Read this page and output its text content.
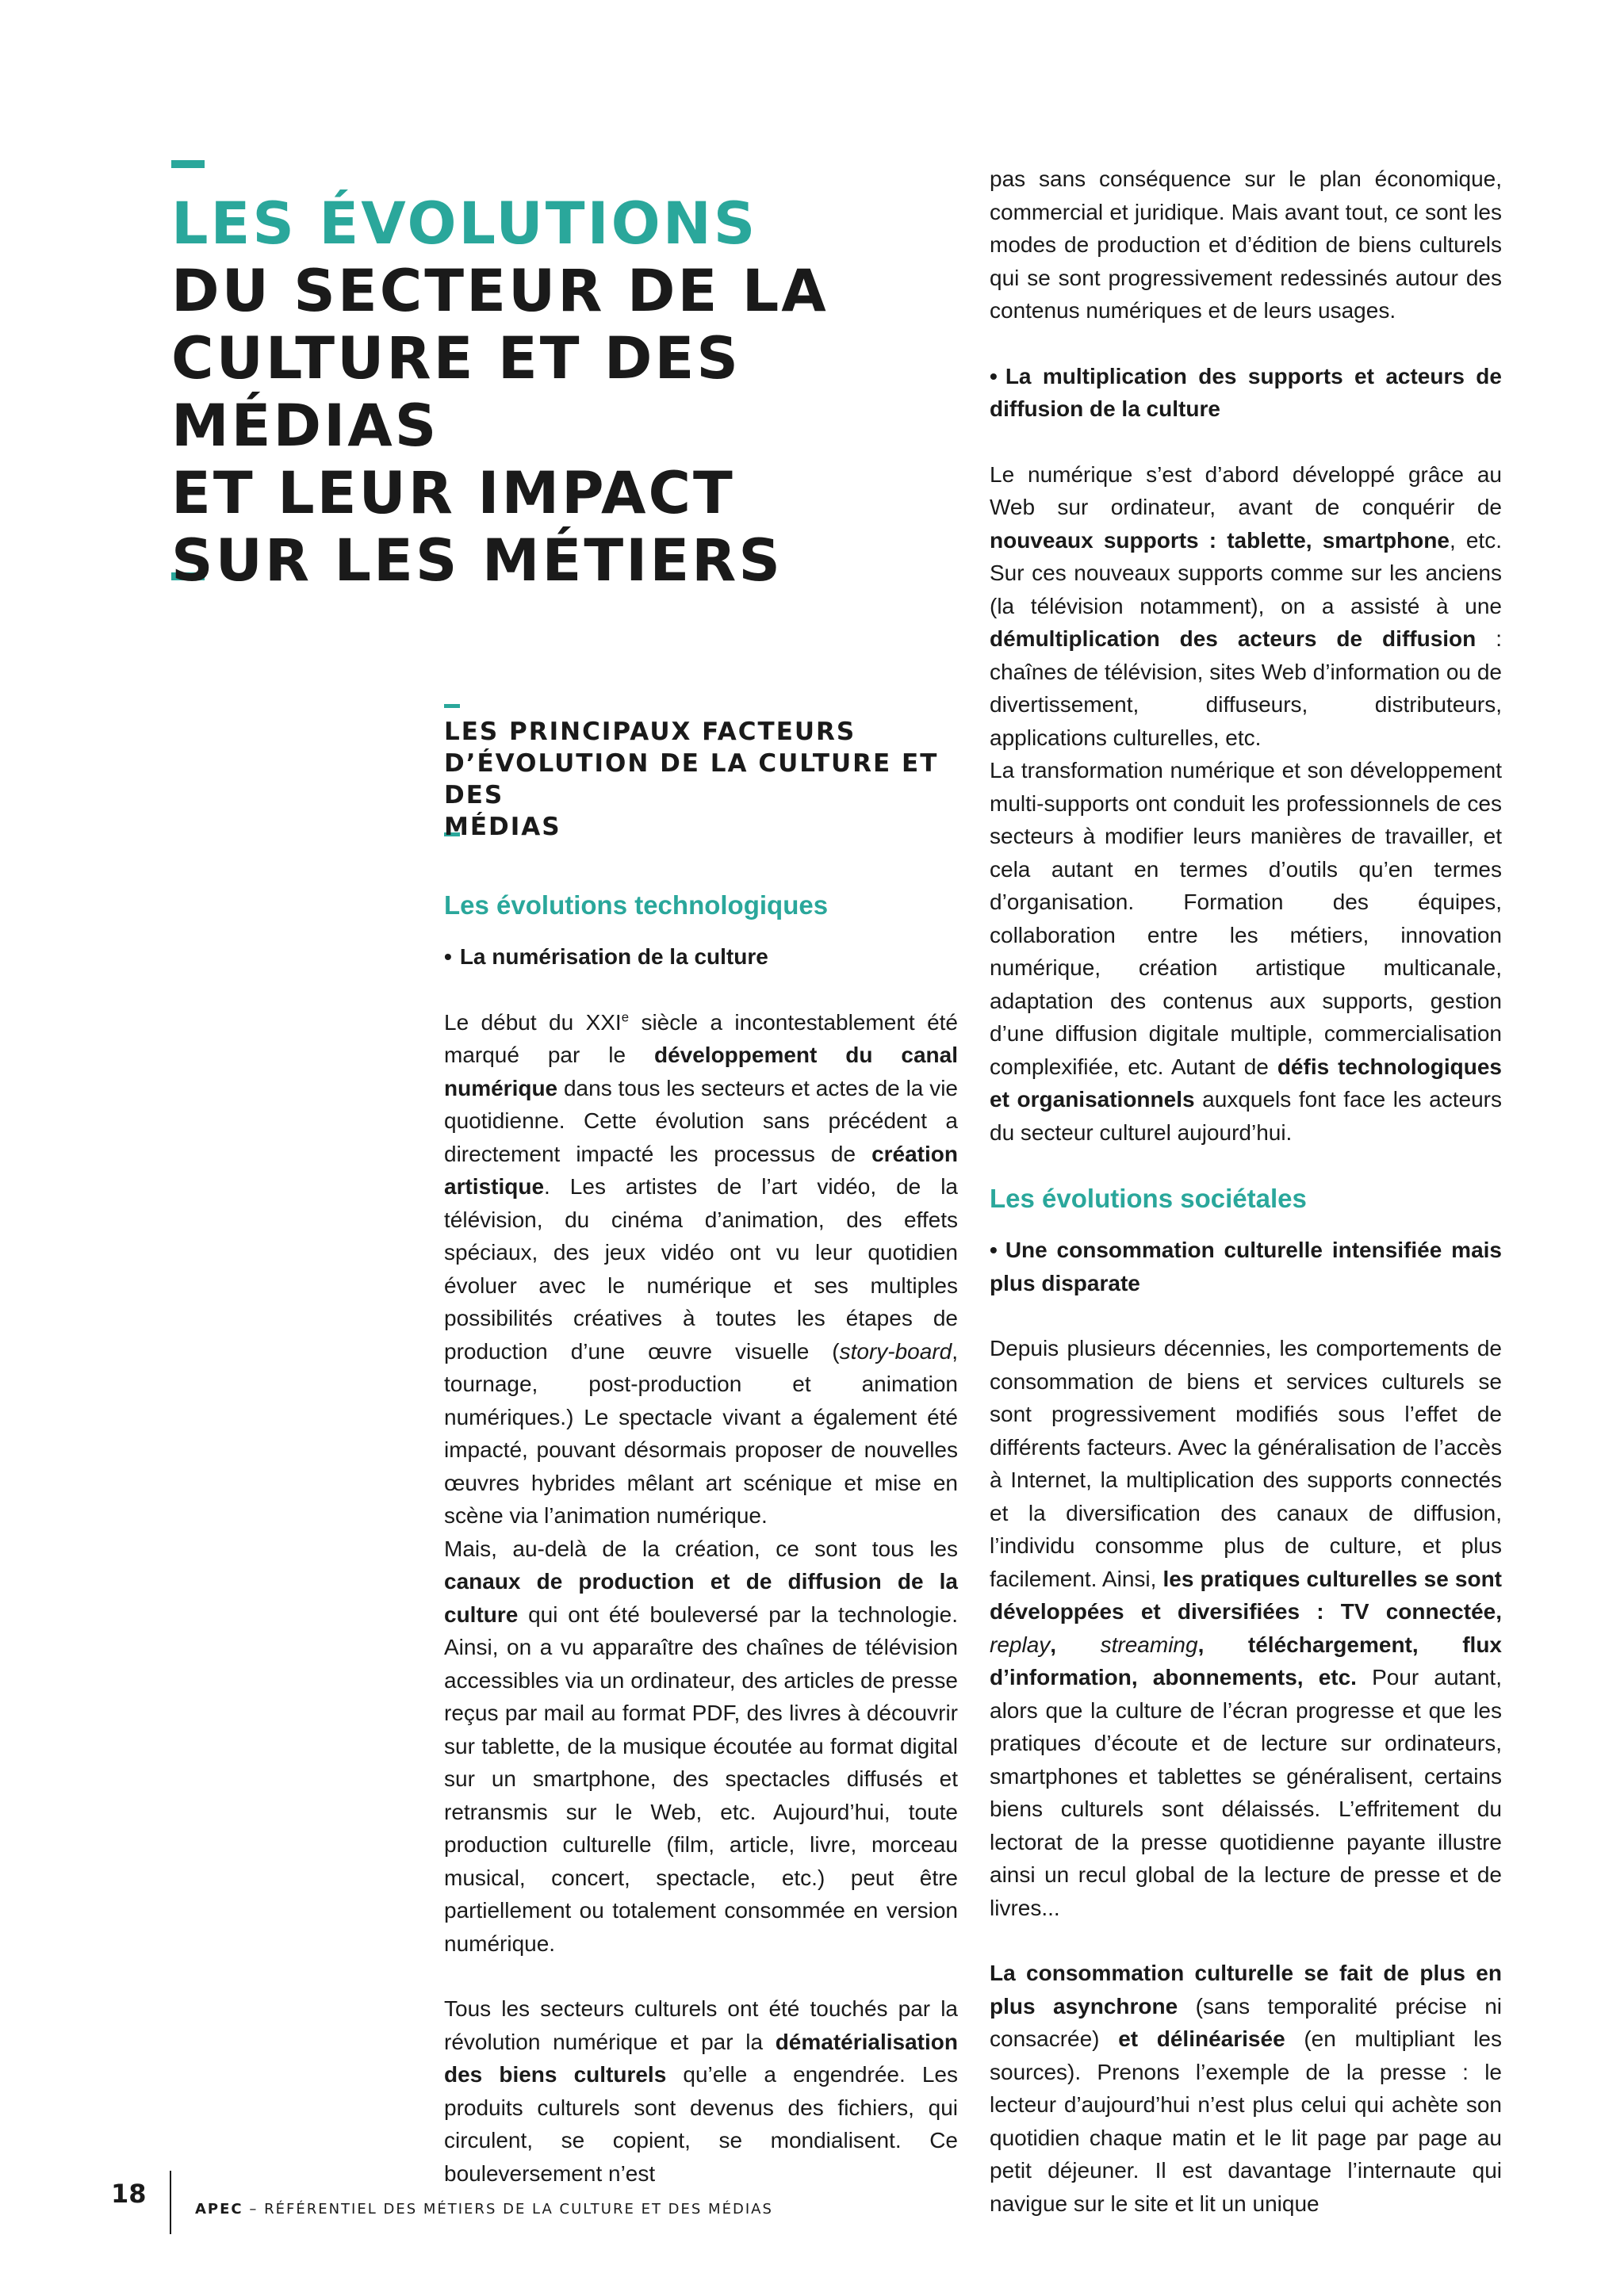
LES ÉVOLUTIONS
DU SECTEUR DE LA
CULTURE ET DES MÉDIAS
ET LEUR IMPACT
SUR LES MÉTIERS
LES PRINCIPAUX FACTEURS
D’ÉVOLUTION DE LA CULTURE ET DES
MÉDIAS

Les évolutions technologiques

• La numérisation de la culture

Le début du XXIe siècle a incontestablement été marqué par le développement du canal numérique dans tous les secteurs et actes de la vie quotidienne. Cette évolution sans précédent a directement impacté les processus de création artistique. Les artistes de l’art vidéo, de la télévision, du cinéma d’animation, des effets spéciaux, des jeux vidéo ont vu leur quotidien évoluer avec le numérique et ses multiples possibilités créatives à toutes les étapes de production d’une œuvre visuelle (story-board, tournage, post-production et animation numériques.) Le spectacle vivant a également été impacté, pouvant désormais proposer de nouvelles œuvres hybrides mêlant art scénique et mise en scène via l’animation numérique.

Mais, au-delà de la création, ce sont tous les canaux de production et de diffusion de la culture qui ont été bouleversé par la technologie. Ainsi, on a vu apparaître des chaînes de télévision accessibles via un ordinateur, des articles de presse reçus par mail au format PDF, des livres à découvrir sur tablette, de la musique écoutée au format digital sur un smartphone, des spectacles diffusés et retransmis sur le Web, etc. Aujourd’hui, toute production culturelle (film, article, livre, morceau musical, concert, spectacle, etc.) peut être partiellement ou totalement consommée en version numérique.

Tous les secteurs culturels ont été touchés par la révolution numérique et par la dématérialisation des biens culturels qu’elle a engendrée. Les produits culturels sont devenus des fichiers, qui circulent, se copient, se mondialisent. Ce bouleversement n’est

pas sans conséquence sur le plan économique, commercial et juridique. Mais avant tout, ce sont les modes de production et d’édition de biens culturels qui se sont progressivement redessinés autour des contenus numériques et de leurs usages.

• La multiplication des supports et acteurs de diffusion de la culture

Le numérique s’est d’abord développé grâce au Web sur ordinateur, avant de conquérir de nouveaux supports : tablette, smartphone, etc. Sur ces nouveaux supports comme sur les anciens (la télévision notamment), on a assisté à une démultiplication des acteurs de diffusion : chaînes de télévision, sites Web d’information ou de divertissement, diffuseurs, distributeurs, applications culturelles, etc.

La transformation numérique et son développement multi-supports ont conduit les professionnels de ces secteurs à modifier leurs manières de travailler, et cela autant en termes d’outils qu’en termes d’organisation. Formation des équipes, collaboration entre les métiers, innovation numérique, création artistique multicanale, adaptation des contenus aux supports, gestion d’une diffusion digitale multiple, commercialisation complexifiée, etc. Autant de défis technologiques et organisationnels auxquels font face les acteurs du secteur culturel aujourd’hui.

Les évolutions sociétales

• Une consommation culturelle intensifiée mais plus disparate

Depuis plusieurs décennies, les comportements de consommation de biens et services culturels se sont progressivement modifiés sous l’effet de différents facteurs. Avec la généralisation de l’accès à Internet, la multiplication des supports connectés et la diversification des canaux de diffusion, l’individu consomme plus de culture, et plus facilement. Ainsi, les pratiques culturelles se sont développées et diversifiées : TV connectée, replay, streaming, téléchargement, flux d’information, abonnements, etc. Pour autant, alors que la culture de l’écran progresse et que les pratiques d’écoute et de lecture sur ordinateurs, smartphones et tablettes se généralisent, certains biens culturels sont délaissés. L’effritement du lectorat de la presse quotidienne payante illustre ainsi un recul global de la lecture de presse et de livres...

La consommation culturelle se fait de plus en plus asynchrone (sans temporalité précise ni consacrée) et délinéarisée (en multipliant les sources). Prenons l’exemple de la presse : le lecteur d’aujourd’hui n’est plus celui qui achète son quotidien chaque matin et le lit page par page au petit déjeuner. Il est davantage l’internaute qui navigue sur le site et lit un unique

18
APEC – RÉFÉRENTIEL DES MÉTIERS DE LA CULTURE ET DES MÉDIAS
